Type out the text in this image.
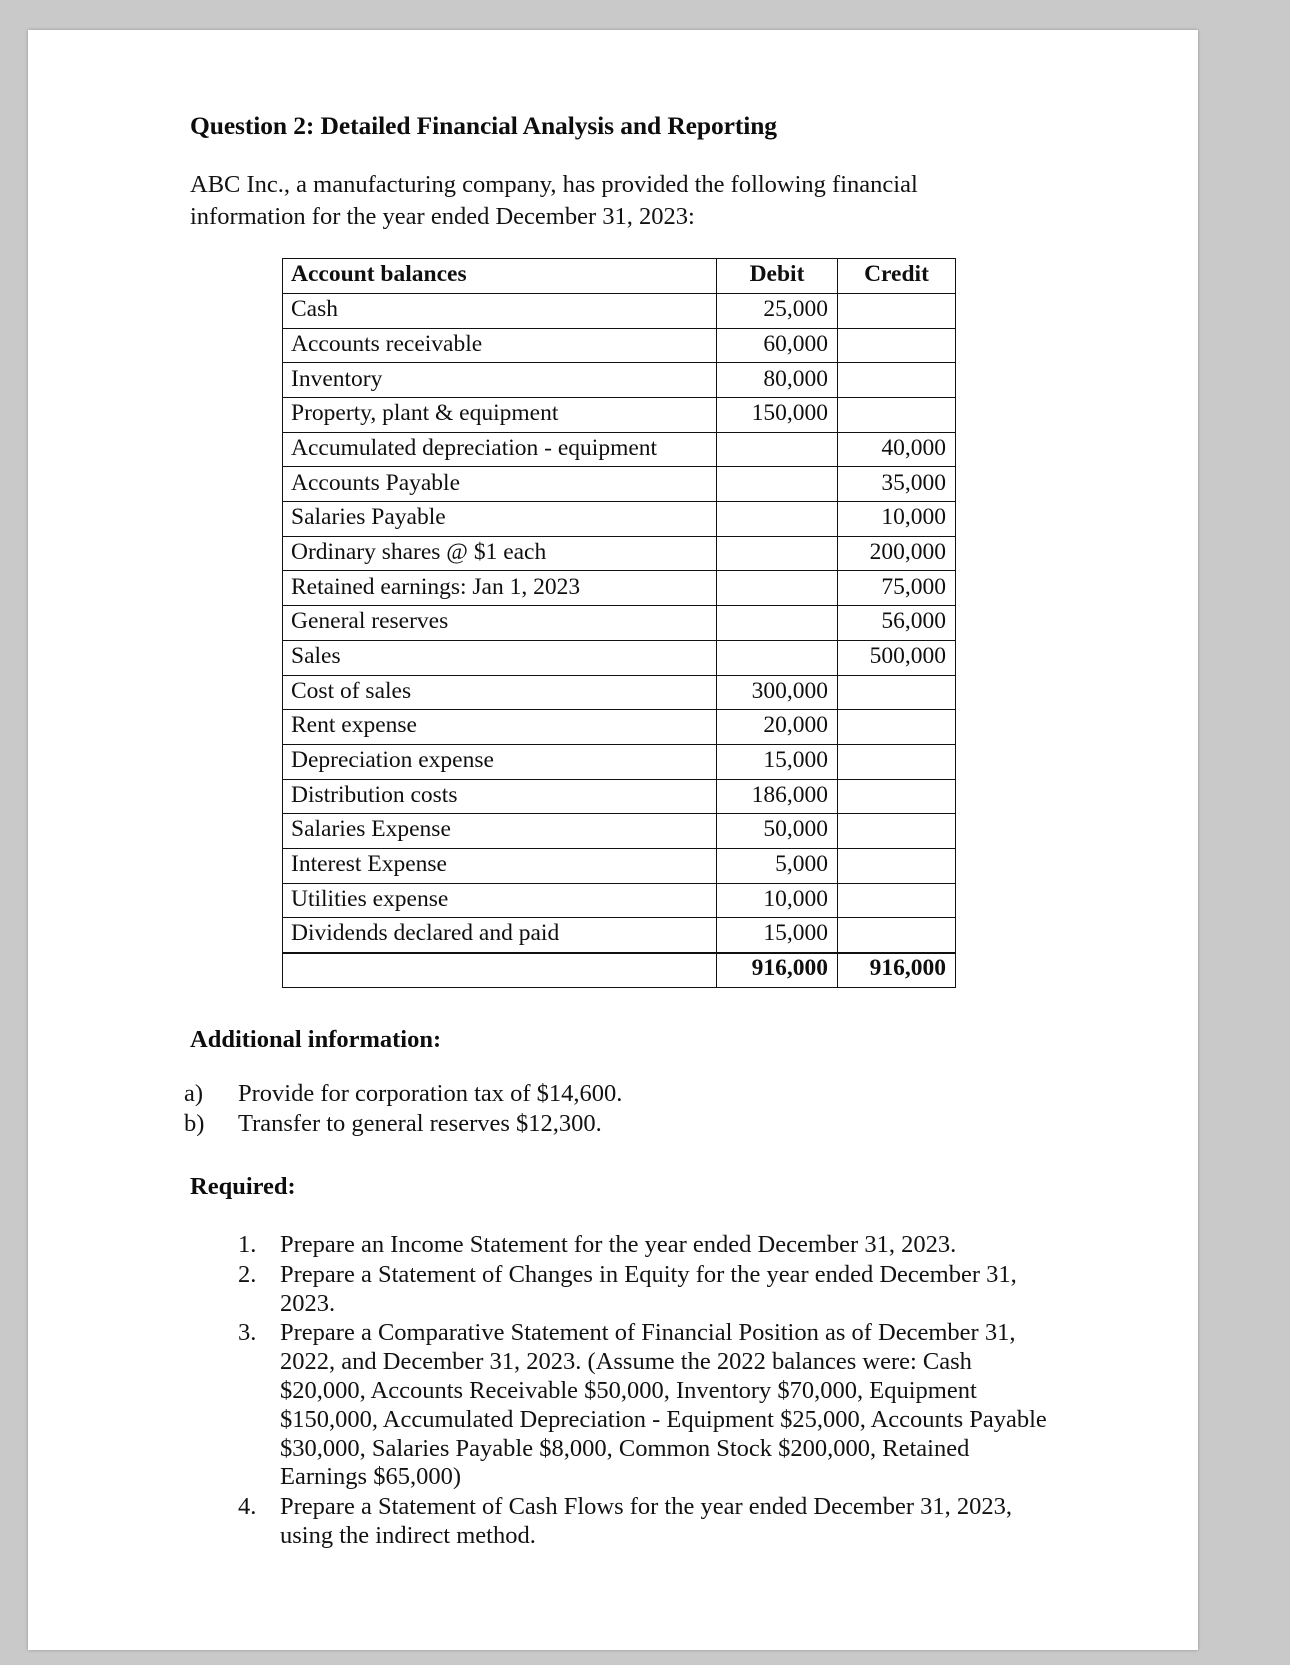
Question 2: Detailed Financial Analysis and Reporting

ABC Inc., a manufacturing company, has provided the following financial information for the year ended December 31, 2023:

Account balances	Debit	Credit
Cash	25,000	
Accounts receivable	60,000	
Inventory	80,000	
Property, plant & equipment	150,000	
Accumulated depreciation - equipment		40,000
Accounts Payable		35,000
Salaries Payable		10,000
Ordinary shares @ $1 each		200,000
Retained earnings: Jan 1, 2023		75,000
General reserves		56,000
Sales		500,000
Cost of sales	300,000	
Rent expense	20,000	
Depreciation expense	15,000	
Distribution costs	186,000	
Salaries Expense	50,000	
Interest Expense	5,000	
Utilities expense	10,000	
Dividends declared and paid	15,000	
	916,000	916,000
Additional information:
a)	Provide for corporation tax of $14,600.
b)	Transfer to general reserves $12,300.
Required:
Prepare an Income Statement for the year ended December 31, 2023.
Prepare a Statement of Changes in Equity for the year ended December 31, 2023.
Prepare a Comparative Statement of Financial Position as of December 31, 2022, and December 31, 2023. (Assume the 2022 balances were: Cash $20,000, Accounts Receivable $50,000, Inventory $70,000, Equipment $150,000, Accumulated Depreciation - Equipment $25,000, Accounts Payable $30,000, Salaries Payable $8,000, Common Stock $200,000, Retained Earnings $65,000)
Prepare a Statement of Cash Flows for the year ended December 31, 2023, using the indirect method.
